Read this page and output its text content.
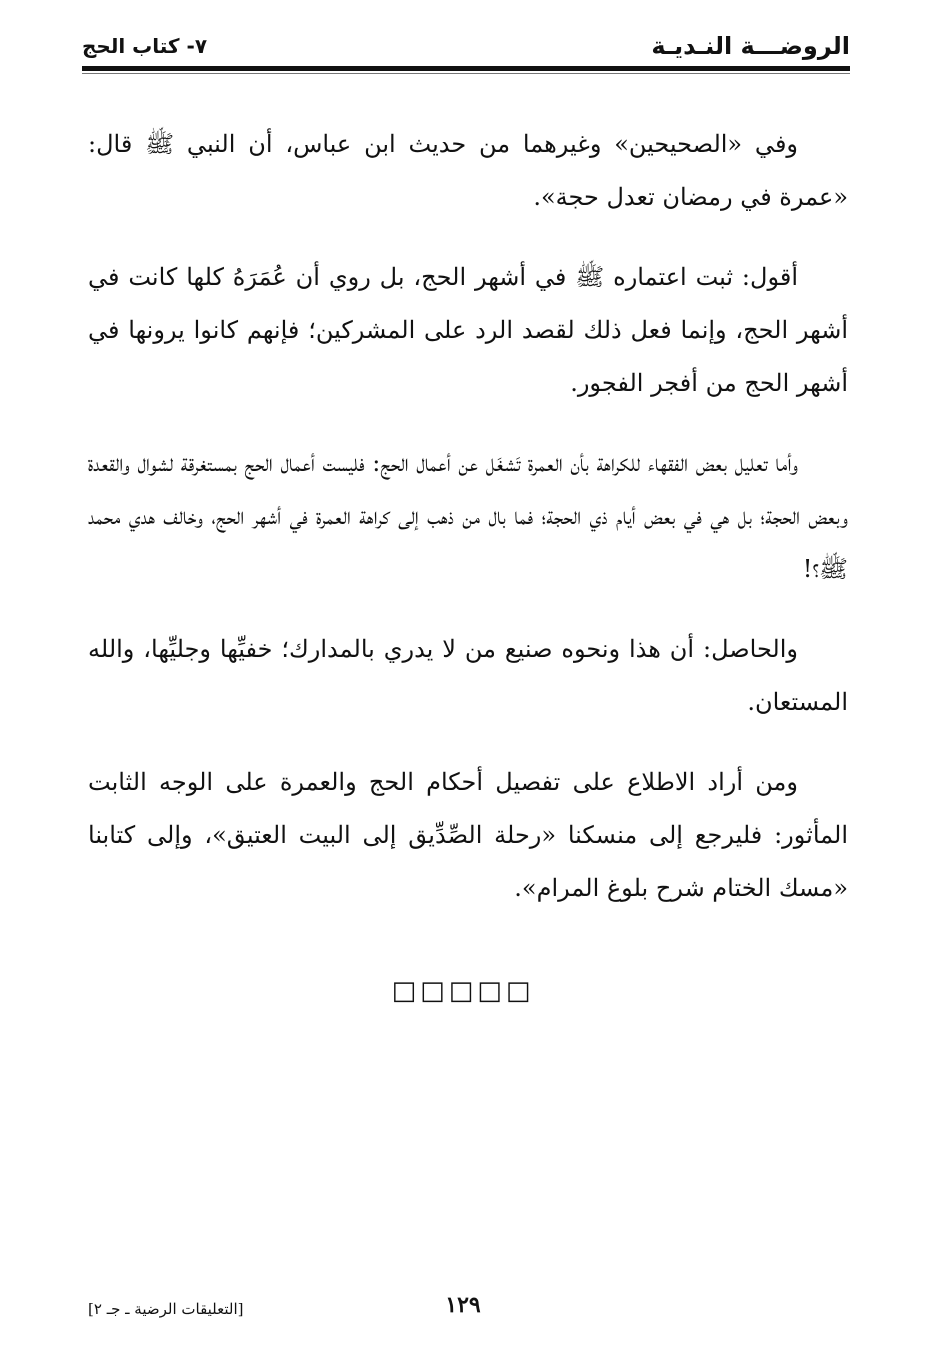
الروضـــة النـديـة
٧- كتاب الحج

وفي «الصحيحين» وغيرهما من حديث ابن عباس، أن النبي ﷺ قال: «عمرة في رمضان تعدل حجة».

أقول: ثبت اعتماره ﷺ في أشهر الحج، بل روي أن عُمَرَهُ كلها كانت في أشهر الحج، وإنما فعل ذلك لقصد الرد على المشركين؛ فإنهم كانوا يرونها في أشهر الحج من أفجر الفجور.

وأما تعليل بعض الفقهاء للكراهة بأن العمرة تَشغَل عن أعمال الحج: فليست أعمال الحج بمستغرقة لشوال والقعدة وبعض الحجة؛ بل هي في بعض أيام ذي الحجة؛ فما بال من ذهب إلى كراهة العمرة في أشهر الحج، وخالف هدي محمد ﷺ؟!

والحاصل: أن هذا ونحوه صنيع من لا يدري بالمدارك؛ خفيِّها وجليِّها، والله المستعان.

ومن أراد الاطلاع على تفصيل أحكام الحج والعمرة على الوجه الثابت المأثور: فليرجع إلى منسكنا «رحلة الصِّدِّيق إلى البيت العتيق»، وإلى كتابنا «مسك الختام شرح بلوغ المرام».

□□□□□
١٢٩
[التعليقات الرضية ـ جـ ٢]
